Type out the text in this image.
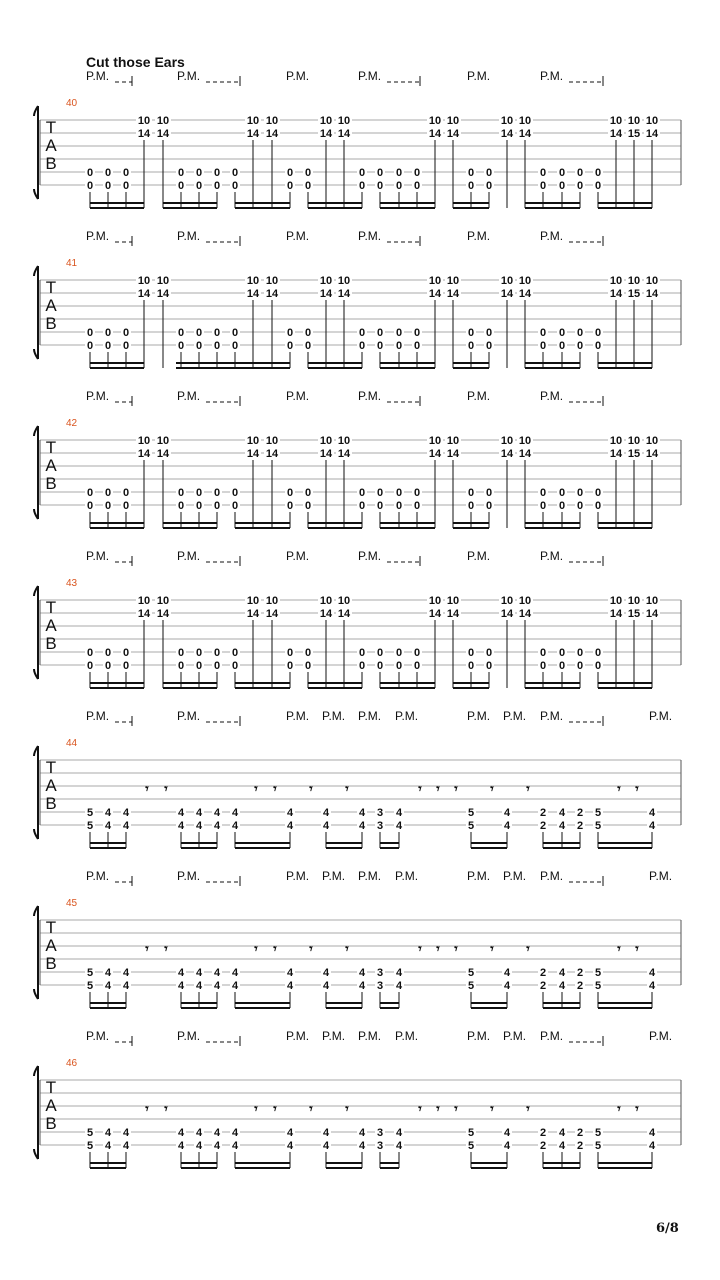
Cut those Ears
T
A
B
40
P.M.	P.M.	P.M.	P.M.	P.M.	P.M.
0
0
0
0
0
0
10
14
10
14
0
0
0
0
0
0
0
0
10
14
10
14
0
0
0
0
10
14
10
14
0
0
0
0
0
0
0
0
10
14
10
14
0
0
0
0
10
14
10
14
0
0
0
0
0
0
0
0
10
14
10
15
10
14
T
A
B
41
P.M.	P.M.	P.M.	P.M.	P.M.	P.M.
0
0
0
0
0
0
10
14
10
14
0
0
0
0
0
0
0
0
10
14
10
14
0
0
0
0
10
14
10
14
0
0
0
0
0
0
0
0
10
14
10
14
0
0
0
0
10
14
10
14
0
0
0
0
0
0
0
0
10
14
10
15
10
14
T
A
B
42
P.M.	P.M.	P.M.	P.M.	P.M.	P.M.
0
0
0
0
0
0
10
14
10
14
0
0
0
0
0
0
0
0
10
14
10
14
0
0
0
0
10
14
10
14
0
0
0
0
0
0
0
0
10
14
10
14
0
0
0
0
10
14
10
14
0
0
0
0
0
0
0
0
10
14
10
15
10
14
T
A
B
43
P.M.	P.M.	P.M.	P.M.	P.M.	P.M.
0
0
0
0
0
0
10
14
10
14
0
0
0
0
0
0
0
0
10
14
10
14
0
0
0
0
10
14
10
14
0
0
0
0
0
0
0
0
10
14
10
14
0
0
0
0
10
14
10
14
0
0
0
0
0
0
0
0
10
14
10
15
10
14
T
A
B
44
P.M.	P.M.	P.M. P.M. P.M. P.M.	P.M. P.M. P.M.	P.M.
5
5
4
4
4
4
𝄾 𝄾
4
4
4
4
4
4
4
4
𝄾 𝄾
4
4
𝄾
4
4
𝄾
4
4
3
3
4
4
𝄾 𝄾 𝄾
5
5
𝄾
4
4
𝄾
2
2
4
4
2
2
5
5
𝄾 𝄾
4
4
T
A
B
45
P.M.	P.M.	P.M. P.M. P.M. P.M.	P.M. P.M. P.M.	P.M.
5
5
4
4
4
4
𝄾 𝄾
4
4
4
4
4
4
4
4
𝄾 𝄾
4
4
𝄾
4
4
𝄾
4
4
3
3
4
4
𝄾 𝄾 𝄾
5
5
𝄾
4
4
𝄾
2
2
4
4
2
2
5
5
𝄾 𝄾
4
4
T
A
B
46
P.M.	P.M.	P.M. P.M. P.M. P.M.	P.M. P.M. P.M.	P.M.
5
5
4
4
4
4
𝄾 𝄾
4
4
4
4
4
4
4
4
𝄾 𝄾
4
4
𝄾
4
4
𝄾
4
4
3
3
4
4
𝄾 𝄾 𝄾
5
5
𝄾
4
4
𝄾
2
2
4
4
2
2
5
5
𝄾 𝄾
4
4
6/8
